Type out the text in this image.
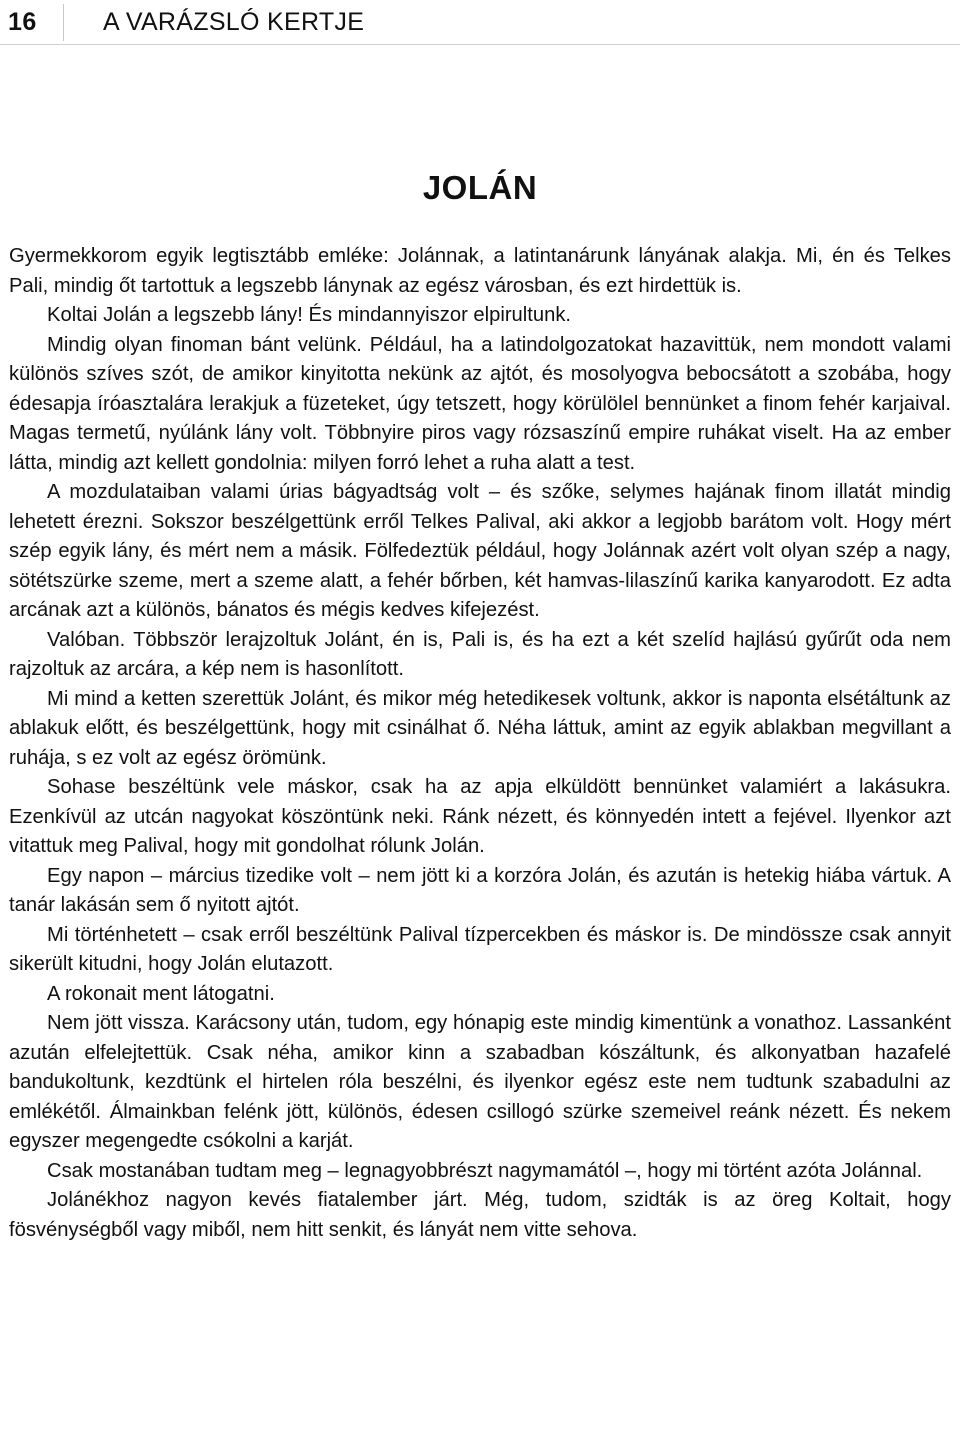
16	A VARÁZSLÓ KERTJE
JOLÁN

Gyermekkorom egyik legtisztább emléke: Jolánnak, a latintanárunk lányának alakja. Mi, én és Telkes Pali, mindig őt tartottuk a legszebb lánynak az egész városban, és ezt hirdettük is.

Koltai Jolán a legszebb lány! És mindannyiszor elpirultunk.

Mindig olyan finoman bánt velünk. Például, ha a latindolgozatokat hazavittük, nem mondott valami különös szíves szót, de amikor kinyitotta nekünk az ajtót, és mosolyogva bebocsátott a szobába, hogy édesapja íróasztalára lerakjuk a füzeteket, úgy tetszett, hogy körülölel bennünket a finom fehér karjaival. Magas termetű, nyúlánk lány volt. Többnyire piros vagy rózsaszínű empire ruhákat viselt. Ha az ember látta, mindig azt kellett gondolnia: milyen forró lehet a ruha alatt a test.

A mozdulataiban valami úrias bágyadtság volt – és szőke, selymes hajának finom illatát mindig lehetett érezni. Sokszor beszélgettünk erről Telkes Palival, aki akkor a legjobb barátom volt. Hogy mért szép egyik lány, és mért nem a másik. Fölfedeztük például, hogy Jolánnak azért volt olyan szép a nagy, sötétszürke szeme, mert a szeme alatt, a fehér bőrben, két hamvas-lilaszínű karika kanyarodott. Ez adta arcának azt a különös, bánatos és mégis kedves kifejezést.

Valóban. Többször lerajzoltuk Jolánt, én is, Pali is, és ha ezt a két szelíd hajlású gyűrűt oda nem rajzoltuk az arcára, a kép nem is hasonlított.

Mi mind a ketten szerettük Jolánt, és mikor még hetedikesek voltunk, akkor is naponta elsétáltunk az ablakuk előtt, és beszélgettünk, hogy mit csinálhat ő. Néha láttuk, amint az egyik ablakban megvillant a ruhája, s ez volt az egész örömünk.

Sohase beszéltünk vele máskor, csak ha az apja elküldött bennünket valamiért a lakásukra. Ezenkívül az utcán nagyokat köszöntünk neki. Ránk nézett, és könnyedén intett a fejével. Ilyenkor azt vitattuk meg Palival, hogy mit gondolhat rólunk Jolán.

Egy napon – március tizedike volt – nem jött ki a korzóra Jolán, és azután is hetekig hiába vártuk. A tanár lakásán sem ő nyitott ajtót.

Mi történhetett – csak erről beszéltünk Palival tízpercekben és máskor is. De mindössze csak annyit sikerült kitudni, hogy Jolán elutazott.

A rokonait ment látogatni.

Nem jött vissza. Karácsony után, tudom, egy hónapig este mindig kimentünk a vonathoz. Lassanként azután elfelejtettük. Csak néha, amikor kinn a szabadban kószáltunk, és alkonyatban hazafelé bandukoltunk, kezdtünk el hirtelen róla beszélni, és ilyenkor egész este nem tudtunk szabadulni az emlékétől. Álmainkban felénk jött, különös, édesen csillogó szürke szemeivel reánk nézett. És nekem egyszer megengedte csókolni a karját.

Csak mostanában tudtam meg – legnagyobbrészt nagymamától –, hogy mi történt azóta Jolánnal.

Jolánékhoz nagyon kevés fiatalember járt. Még, tudom, szidták is az öreg Koltait, hogy fösvénységből vagy miből, nem hitt senkit, és lányát nem vitte sehova.
